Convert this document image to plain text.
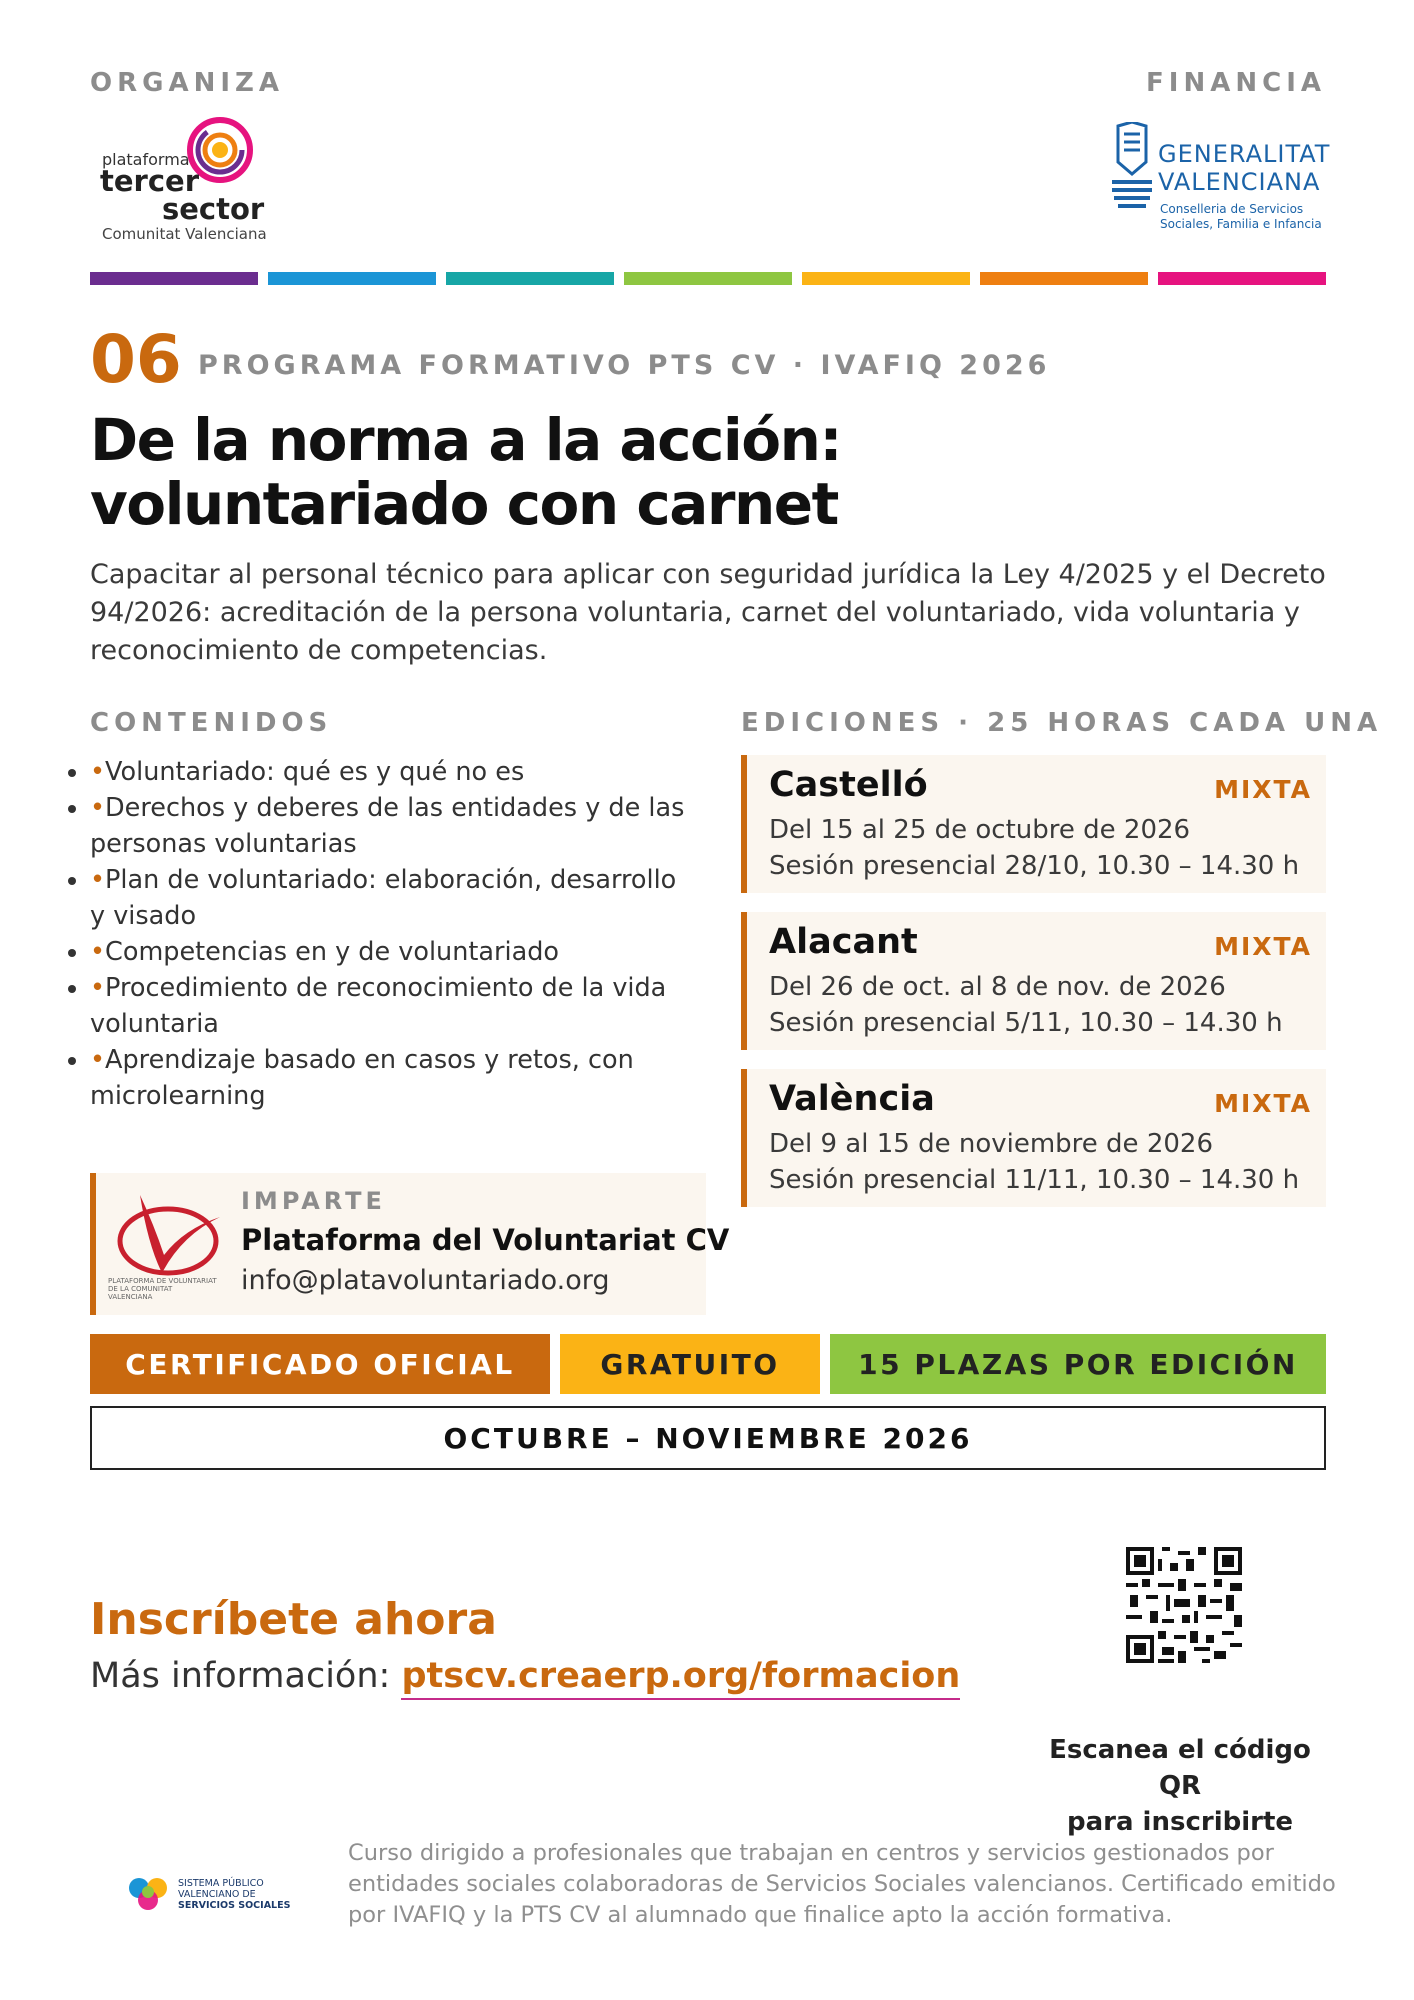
ORGANIZA	FINANCIA
plataforma
tercer
sector
Comunitat Valenciana
GENERALITAT
VALENCIANA
Conselleria de Servicios
Sociales, Familia e Infancia
06 PROGRAMA FORMATIVO PTS CV · IVAFIQ 2026
De la norma a la acción:
voluntariado con carnet
Capacitar al personal técnico para aplicar con seguridad jurídica la Ley 4/2025 y el Decreto 94/2026: acreditación de la persona voluntaria, carnet del voluntariado, vida voluntaria y reconocimiento de competencias.
CONTENIDOS
• •Voluntariado: qué es y qué no es
• •Derechos y deberes de las entidades y de las personas voluntarias
• •Plan de voluntariado: elaboración, desarrollo y visado
• •Competencias en y de voluntariado
• •Procedimiento de reconocimiento de la vida voluntaria
• •Aprendizaje basado en casos y retos, con microlearning
EDICIONES · 25 HORAS CADA UNA
Castelló	MIXTA
Del 15 al 25 de octubre de 2026
Sesión presencial 28/10, 10.30 – 14.30 h
Alacant	MIXTA
Del 26 de oct. al 8 de nov. de 2026
Sesión presencial 5/11, 10.30 – 14.30 h
València	MIXTA
Del 9 al 15 de noviembre de 2026
Sesión presencial 11/11, 10.30 – 14.30 h
PLATAFORMA DE VOLUNTARIAT DE LA COMUNITAT VALENCIANA
IMPARTE
Plataforma del Voluntariat CV
info@platavoluntariado.org
CERTIFICADO OFICIAL	GRATUITO	15 PLAZAS POR EDICIÓN
OCTUBRE – NOVIEMBRE 2026
Inscríbete ahora
Más información: ptscv.creaerp.org/formacion
Escanea el código QR
para inscribirte
SISTEMA PÚBLICO
VALENCIANO DE
SERVICIOS SOCIALES
Curso dirigido a profesionales que trabajan en centros y servicios gestionados por entidades sociales colaboradoras de Servicios Sociales valencianos. Certificado emitido por IVAFIQ y la PTS CV al alumnado que finalice apto la acción formativa.
